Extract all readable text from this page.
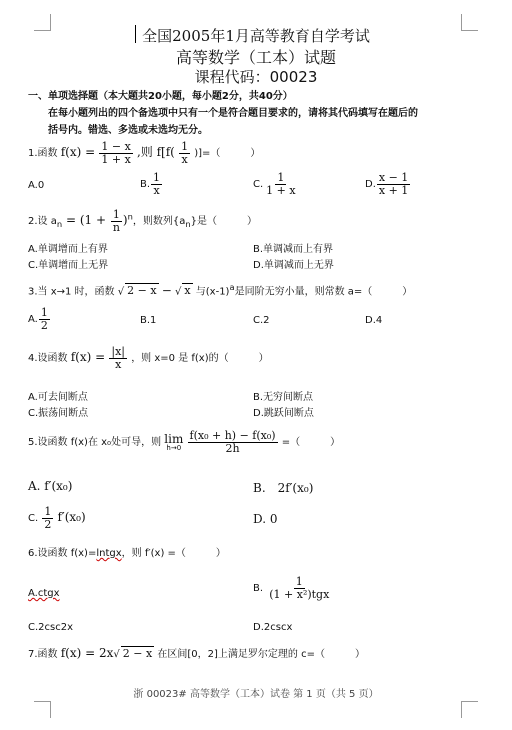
全国2005年1月高等教育自学考试
高等数学（工本）试题
课程代码：00023
一、单项选择题（本大题共20小题，每小题2分，共40分）
在每小题列出的四个备选项中只有一个是符合题目要求的，请将其代码填写在题后的
括号内。错选、多选或未选均无分。
1.函数 $f(x) = \frac{1 - x}{1 + x}$ ,则 $f[f( \frac{1}{x}$ )]=（　　　）
A.0	B. $\frac{1}{x}$	C. $\frac{1}{1 + x}$	D. $\frac{x - 1}{x + 1}$
2.设 $a_n = (1 + \frac{1}{n} )^n$，则数列$\{a_n\}$是（　　　）
A.单调增而上有界	B.单调减而上有界
C.单调增而上无界	D.单调减而上无界
3.当 x→1 时，函数 √ 2 − x − √ x 与$(x-1)^a$是同阶无穷小量，则常数 a=（　　　）
A. $\frac{1}{2}$	B.1	C.2	D.4
4.设函数 $f(x) = \frac{|x|}{x}$ ，则 x=0 是 f(x)的（　　　）
A.可去间断点	B.无穷间断点
C.振荡间断点	D.跳跃间断点
5.设函数 f(x)在 x₀处可导，则 lim
h→0
$\frac{\text{f(x₀ + h) − f(x₀)}}{2h}$ =（　　　）
A. f′(x₀)	B.　2f′(x₀)
C. $\frac{1}{2} f'(x_0)$	D. 0
6.设函数 f(x)=lntgx，则 f′(x) =（　　　）
A.ctgx	B. $\frac{1}{\text{(1 + x²)tgx}}$
C.2csc2x	D.2cscx
7.函数 f(x) = 2x√ 2 − x 在区间[0，2]上满足罗尔定理的 c=（　　　）
浙 00023# 高等数学（工本）试卷 第 1 页（共 5 页）
